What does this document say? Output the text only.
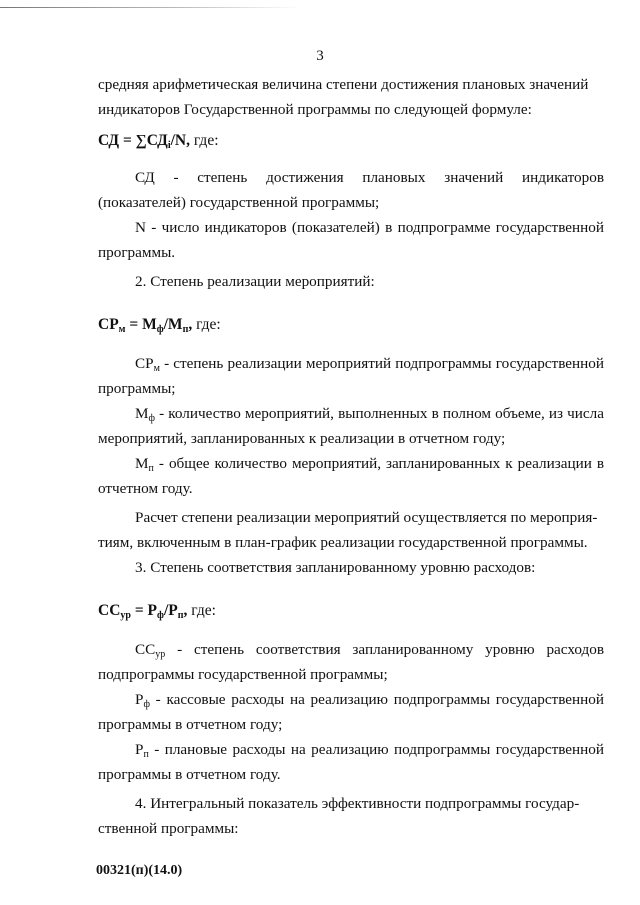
3

средняя арифметическая величина степени достижения плановых значений
индикаторов Государственной программы по следующей формуле:

СД = $\sum СД_i/N$, где:

СД - степень достижения плановых значений индикаторов (показателей) государственной программы;

N - число индикаторов (показателей) в подпрограмме государственной программы.

2. Степень реализации мероприятий:

$СР_м = М_ф/М_п$, где:

$СР_м$ - степень реализации мероприятий подпрограммы государственной программы;

$М_ф$ - количество мероприятий, выполненных в полном объеме, из числа мероприятий, запланированных к реализации в отчетном году;

$М_п$ - общее количество мероприятий, запланированных к реализации в отчетном году.

Расчет степени реализации мероприятий осуществляется по мероприя-
тиям, включенным в план-график реализации государственной программы.

3. Степень соответствия запланированному уровню расходов:

$СС_{ур} = Р_ф/Р_п$, где:

$СС_{ур}$ - степень соответствия запланированному уровню расходов подпрограммы государственной программы;

$Р_ф$ - кассовые расходы на реализацию подпрограммы государственной программы в отчетном году;

$Р_п$ - плановые расходы на реализацию подпрограммы государственной программы в отчетном году.

4. Интегральный показатель эффективности подпрограммы государ-
ственной программы:

00321(п)(14.0)
